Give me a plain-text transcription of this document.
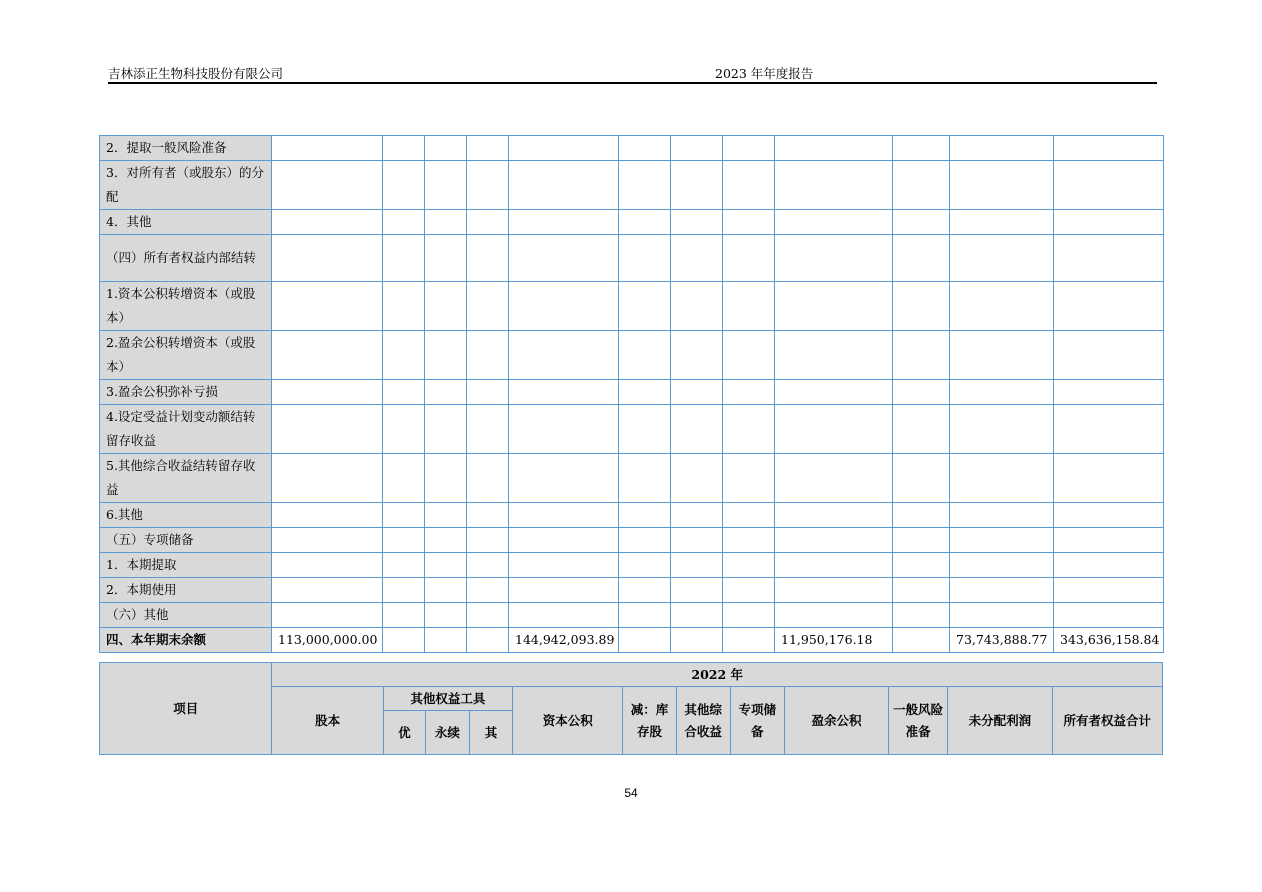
吉林添正生物科技股份有限公司	2023 年年度报告
2．提取一般风险准备												
3．对所有者（或股东）的分配												
4．其他												
（四）所有者权益内部结转												
1.资本公积转增资本（或股本）												
2.盈余公积转增资本（或股本）												
3.盈余公积弥补亏损												
4.设定受益计划变动额结转留存收益												
5.其他综合收益结转留存收益												
6.其他												
（五）专项储备												
1．本期提取												
2．本期使用												
（六）其他												
四、本年期末余额	113,000,000.00				144,942,093.89				11,950,176.18		73,743,888.77	343,636,158.84
项目	2022 年											
	股本	其他权益工具			资本公积	减：库存股	其他综合收益	专项储备	盈余公积	一般风险准备	未分配利润	所有者权益合计
		优	永续	其								
54
